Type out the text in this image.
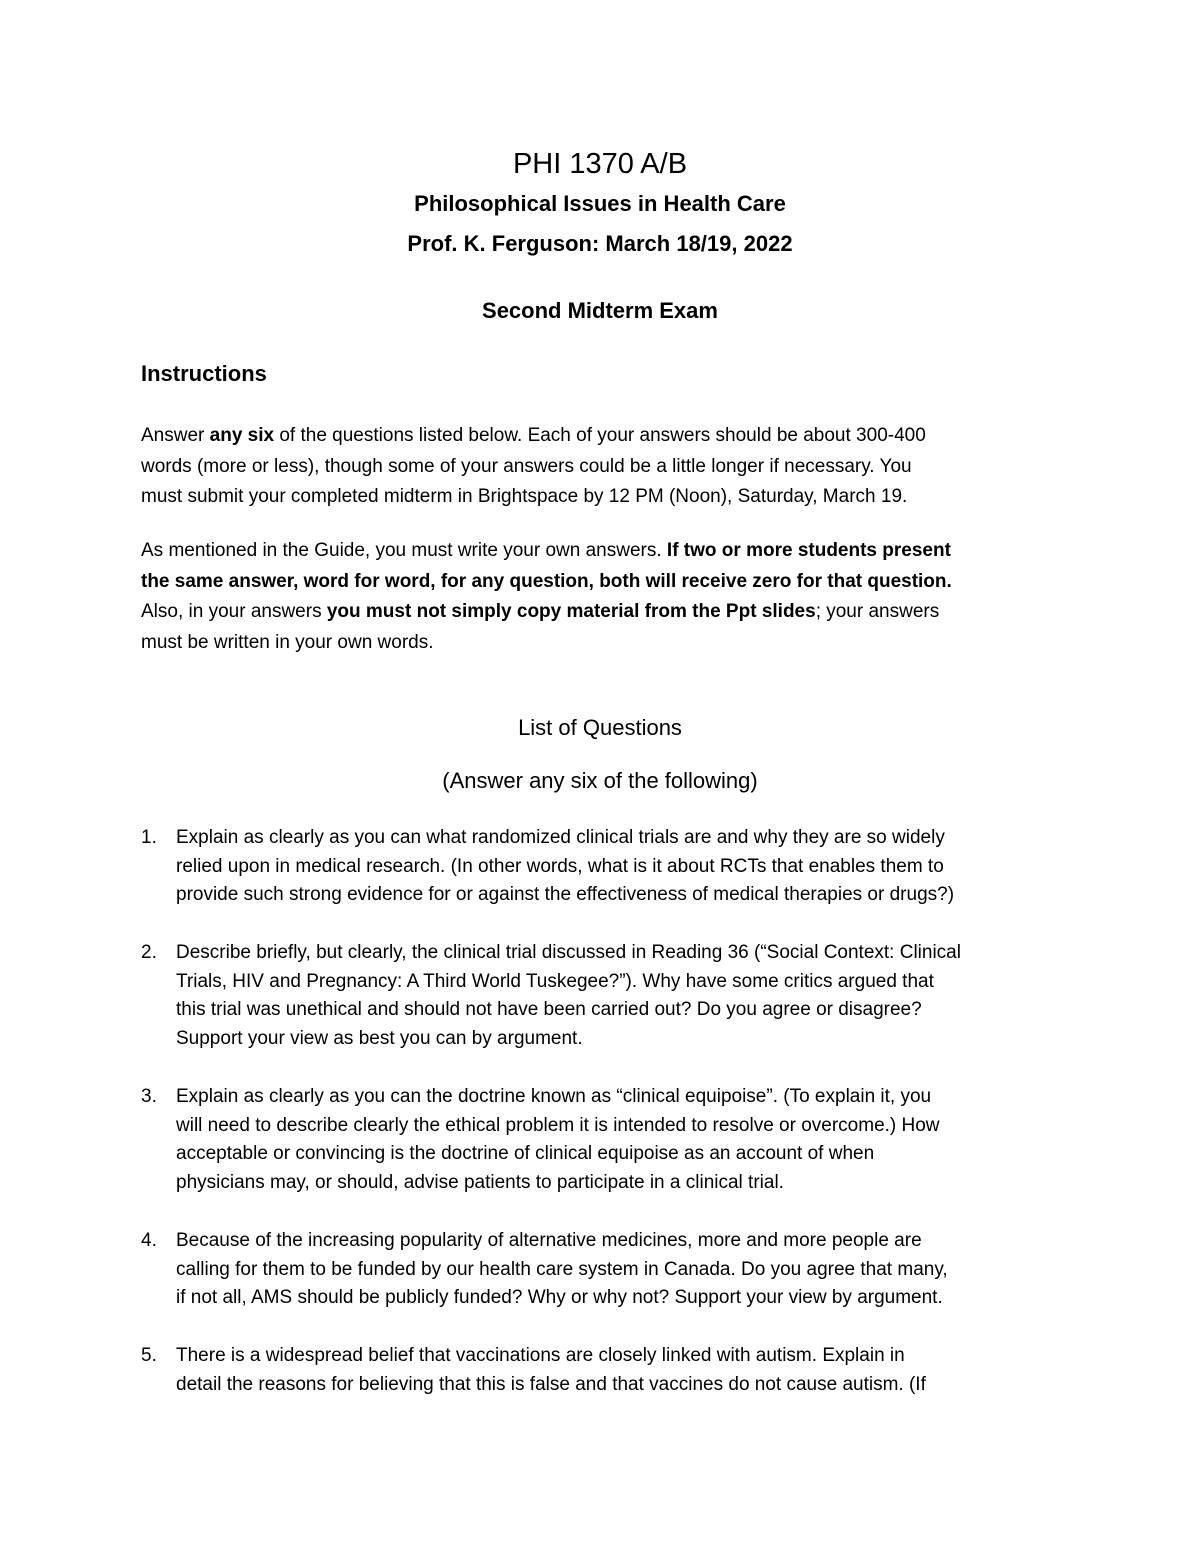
PHI 1370 A/B
Philosophical Issues in Health Care
Prof. K. Ferguson: March 18/19, 2022
Second Midterm Exam
Instructions

Answer any six of the questions listed below. Each of your answers should be about 300-400
words (more or less), though some of your answers could be a little longer if necessary. You
must submit your completed midterm in Brightspace by 12 PM (Noon), Saturday, March 19.

As mentioned in the Guide, you must write your own answers. If two or more students present
the same answer, word for word, for any question, both will receive zero for that question.
Also, in your answers you must not simply copy material from the Ppt slides; your answers
must be written in your own words.

List of Questions
(Answer any six of the following)
1.	Explain as clearly as you can what randomized clinical trials are and why they are so widely
relied upon in medical research. (In other words, what is it about RCTs that enables them to
provide such strong evidence for or against the effectiveness of medical therapies or drugs?)
2.	Describe briefly, but clearly, the clinical trial discussed in Reading 36 (“Social Context: Clinical
Trials, HIV and Pregnancy: A Third World Tuskegee?”). Why have some critics argued that
this trial was unethical and should not have been carried out? Do you agree or disagree?
Support your view as best you can by argument.
3.	Explain as clearly as you can the doctrine known as “clinical equipoise”. (To explain it, you
will need to describe clearly the ethical problem it is intended to resolve or overcome.) How
acceptable or convincing is the doctrine of clinical equipoise as an account of when
physicians may, or should, advise patients to participate in a clinical trial.
4.	Because of the increasing popularity of alternative medicines, more and more people are
calling for them to be funded by our health care system in Canada. Do you agree that many,
if not all, AMS should be publicly funded? Why or why not? Support your view by argument.
5.	There is a widespread belief that vaccinations are closely linked with autism. Explain in
detail the reasons for believing that this is false and that vaccines do not cause autism. (If
